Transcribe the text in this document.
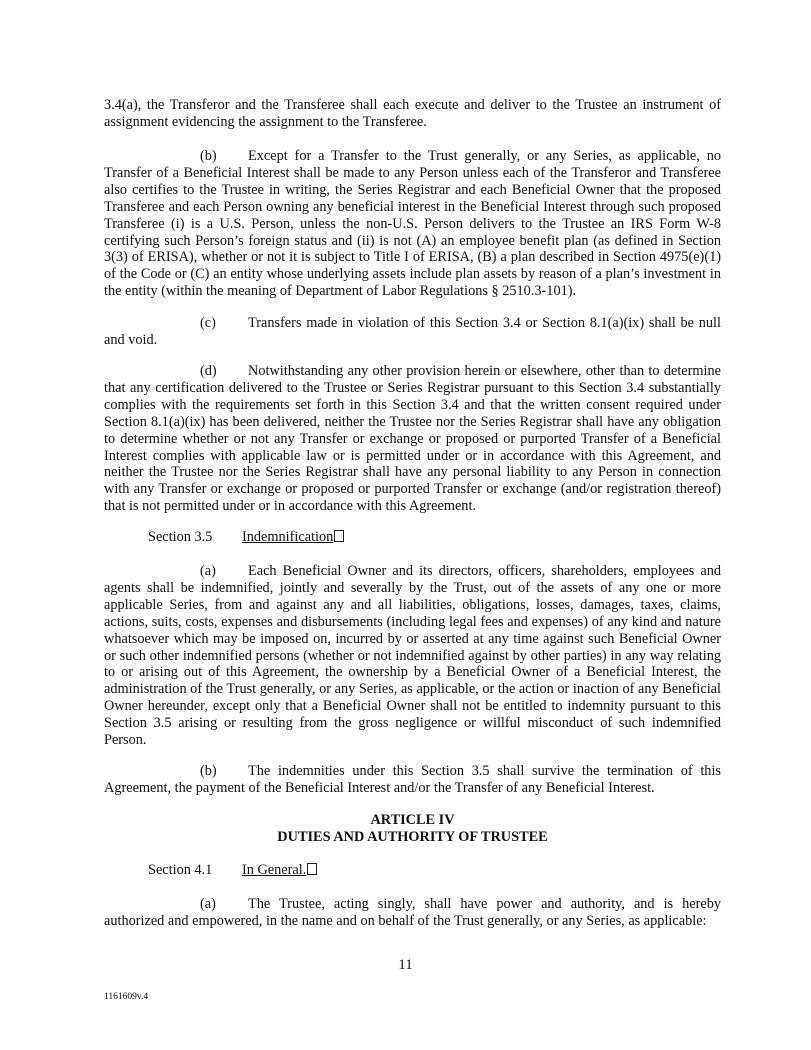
3.4(a), the Transferor and the Transferee shall each execute and deliver to the Trustee an instrument of assignment evidencing the assignment to the Transferee.

(b) Except for a Transfer to the Trust generally, or any Series, as applicable, no Transfer of a Beneficial Interest shall be made to any Person unless each of the Transferor and Transferee also certifies to the Trustee in writing, the Series Registrar and each Beneficial Owner that the proposed Transferee and each Person owning any beneficial interest in the Beneficial Interest through such proposed Transferee (i) is a U.S. Person, unless the non-U.S. Person delivers to the Trustee an IRS Form W-8 certifying such Person’s foreign status and (ii) is not (A) an employee benefit plan (as defined in Section 3(3) of ERISA), whether or not it is subject to Title I of ERISA, (B) a plan described in Section 4975(e)(1) of the Code or (C) an entity whose underlying assets include plan assets by reason of a plan’s investment in the entity (within the meaning of Department of Labor Regulations § 2510.3-101).

(c) Transfers made in violation of this Section 3.4 or Section 8.1(a)(ix) shall be null and void.

(d) Notwithstanding any other provision herein or elsewhere, other than to determine that any certification delivered to the Trustee or Series Registrar pursuant to this Section 3.4 substantially complies with the requirements set forth in this Section 3.4 and that the written consent required under Section 8.1(a)(ix) has been delivered, neither the Trustee nor the Series Registrar shall have any obligation to determine whether or not any Transfer or exchange or proposed or purported Transfer of a Beneficial Interest complies with applicable law or is permitted under or in accordance with this Agreement, and neither the Trustee nor the Series Registrar shall have any personal liability to any Person in connection with any Transfer or exchange or proposed or purported Transfer or exchange (and/or registration thereof) that is not permitted under or in accordance with this Agreement.

Section 3.5 Indemnification

(a) Each Beneficial Owner and its directors, officers, shareholders, employees and agents shall be indemnified, jointly and severally by the Trust, out of the assets of any one or more applicable Series, from and against any and all liabilities, obligations, losses, damages, taxes, claims, actions, suits, costs, expenses and disbursements (including legal fees and expenses) of any kind and nature whatsoever which may be imposed on, incurred by or asserted at any time against such Beneficial Owner or such other indemnified persons (whether or not indemnified against by other parties) in any way relating to or arising out of this Agreement, the ownership by a Beneficial Owner of a Beneficial Interest, the administration of the Trust generally, or any Series, as applicable, or the action or inaction of any Beneficial Owner hereunder, except only that a Beneficial Owner shall not be entitled to indemnity pursuant to this Section 3.5 arising or resulting from the gross negligence or willful misconduct of such indemnified Person.

(b) The indemnities under this Section 3.5 shall survive the termination of this Agreement, the payment of the Beneficial Interest and/or the Transfer of any Beneficial Interest.

ARTICLE IV

DUTIES AND AUTHORITY OF TRUSTEE

Section 4.1 In General.

(a) The Trustee, acting singly, shall have power and authority, and is hereby authorized and empowered, in the name and on behalf of the Trust generally, or any Series, as applicable:

11

1161609v.4
